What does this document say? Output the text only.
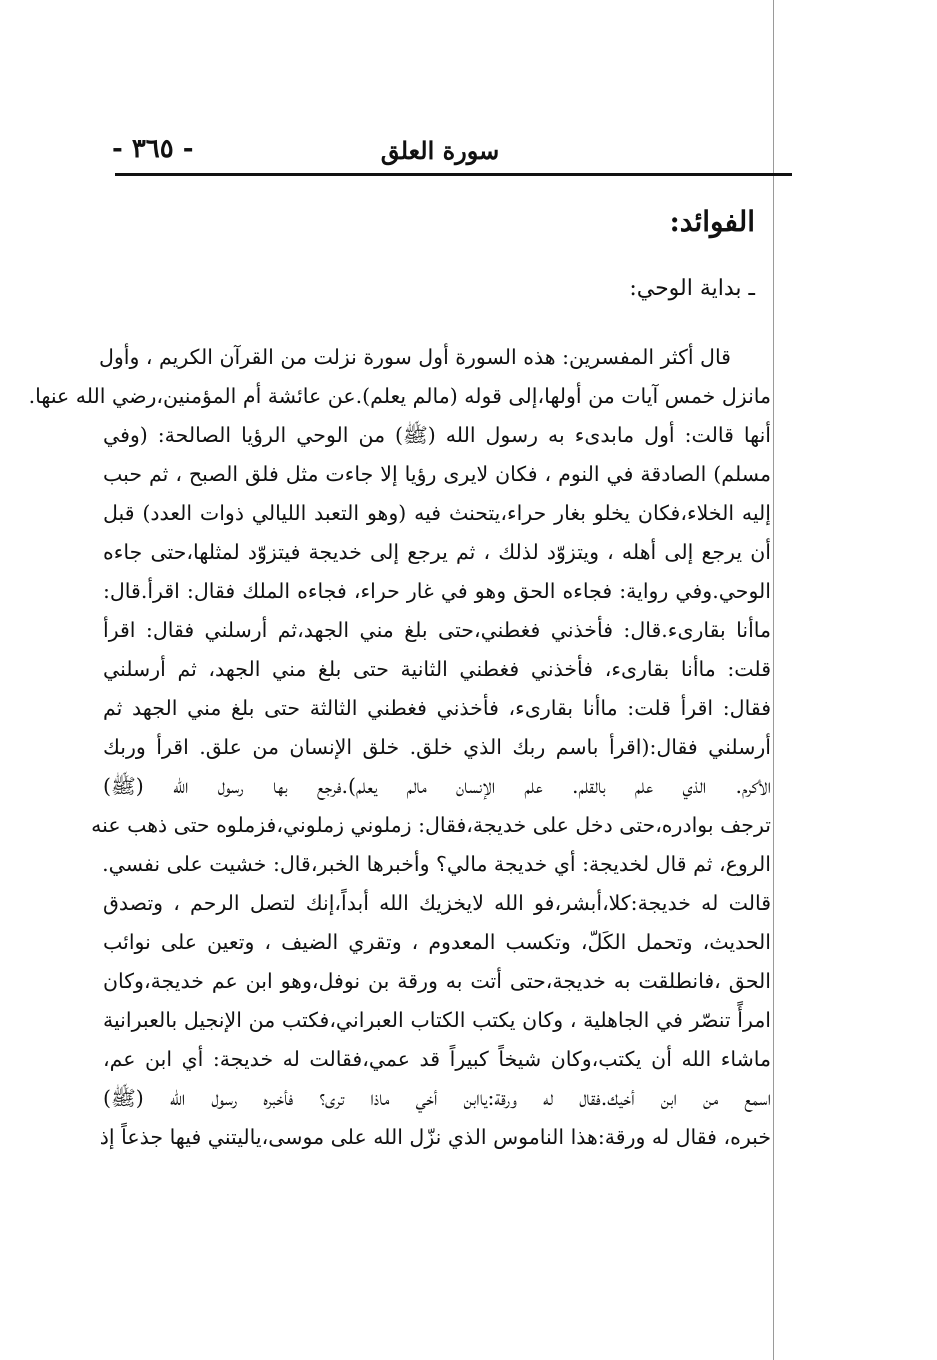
سورة العلق
- ٣٦٥ -
الفوائد:
ـ بداية الوحي:
قال أكثر المفسرين: هذه السورة أول سورة نزلت من القرآن الكريم ، وأول
مانزل خمس آيات من أولها،إلى قوله (مالم يعلم).عن عائشة أم المؤمنين،رضي الله عنها.
أنها قالت: أول مابدىء به رسول الله (ﷺ) من الوحي الرؤيا الصالحة: (وفي
مسلم) الصادقة في النوم ، فكان لايرى رؤيا إلا جاءت مثل فلق الصبح ، ثم حبب
إليه الخلاء،فكان يخلو بغار حراء،يتحنث فيه (وهو التعبد الليالي ذوات العدد) قبل
أن يرجع إلى أهله ، ويتزوّد لذلك ، ثم يرجع إلى خديجة فيتزوّد لمثلها،حتى جاءه
الوحي.وفي رواية: فجاءه الحق وهو في غار حراء، فجاءه الملك فقال: اقرأ.قال:
ماأنا بقارىء.قال: فأخذني فغطني،حتى بلغ مني الجهد،ثم أرسلني فقال: اقرأ
قلت: ماأنا بقارىء، فأخذني فغطني الثانية حتى بلغ مني الجهد، ثم أرسلني
فقال: اقرأ قلت: ماأنا بقارىء، فأخذني فغطني الثالثة حتى بلغ مني الجهد ثم
أرسلني فقال:(اقرأ باسم ربك الذي خلق. خلق الإنسان من علق. اقرأ وربك
الأكرم. الذي علم بالقلم. علم الإنسان مالم يعلم).فرجع بها رسول الله (ﷺ)
ترجف بوادره،حتى دخل على خديجة،فقال: زملوني زملوني،فزملوه حتى ذهب عنه
الروع، ثم قال لخديجة: أي خديجة مالي؟ وأخبرها الخبر،قال: خشيت على نفسي.
قالت له خديجة:كلا،أبشر،فو الله لايخزيك الله أبداً،إنك لتصل الرحم ، وتصدق
الحديث، وتحمل الكَلّ، وتكسب المعدوم ، وتقري الضيف ، وتعين على نوائب
الحق ،فانطلقت به خديجة،حتى أتت به ورقة بن نوفل،وهو ابن عم خديجة،وكان
امرأً تنصّر في الجاهلية ، وكان يكتب الكتاب العبراني،فكتب من الإنجيل بالعبرانية
ماشاء الله أن يكتب،وكان شيخاً كبيراً قد عمي،فقالت له خديجة: أي ابن عم،
اسمع من ابن أخيك.فقال له ورقة:ياابن أخي ماذا ترى؟ فأخبره رسول الله (ﷺ)
خبره، فقال له ورقة:هذا الناموس الذي نزّل الله على موسى،ياليتني فيها جذعاً إذ
